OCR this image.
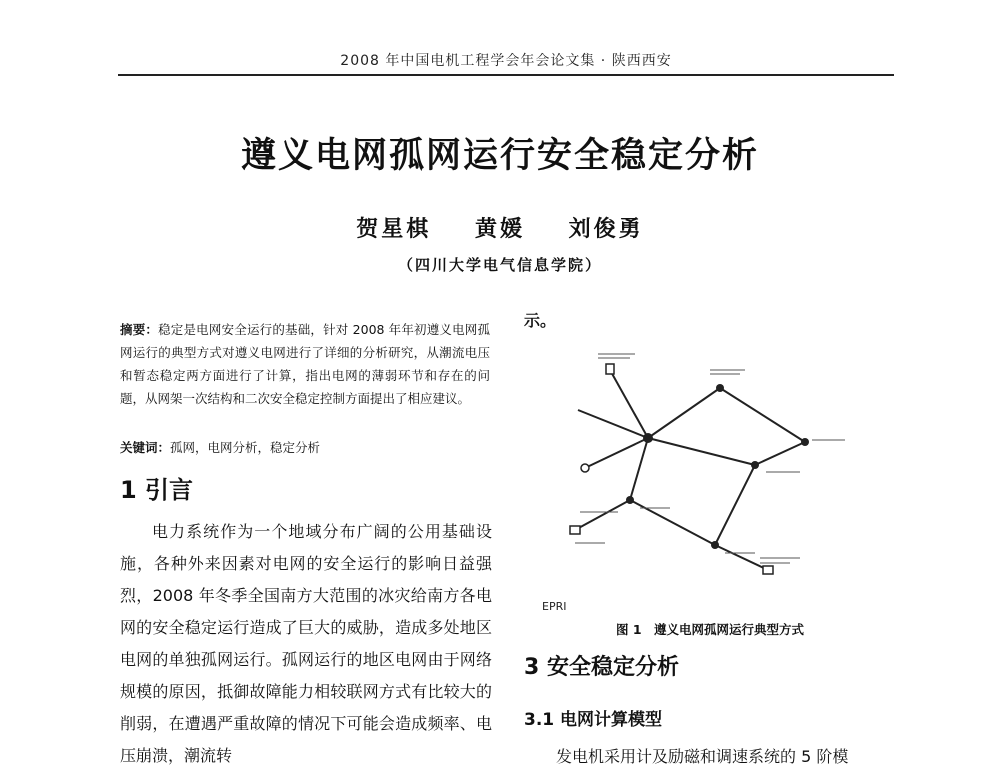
2008 年中国电机工程学会年会论文集 · 陕西西安
遵义电网孤网运行安全稳定分析
贺星棋 黄媛 刘俊勇
（四川大学电气信息学院）
摘要：稳定是电网安全运行的基础，针对 2008 年年初遵义电网孤网运行的典型方式对遵义电网进行了详细的分析研究，从潮流电压和暂态稳定两方面进行了计算，指出电网的薄弱环节和存在的问题，从网架一次结构和二次安全稳定控制方面提出了相应建议。
关键词：孤网，电网分析，稳定分析
1 引言

电力系统作为一个地域分布广阔的公用基础设施，各种外来因素对电网的安全运行的影响日益强烈，2008 年冬季全国南方大范围的冰灾给南方各电网的安全稳定运行造成了巨大的威胁，造成多处地区电网的单独孤网运行。孤网运行的地区电网由于网络规模的原因，抵御故障能力相较联网方式有比较大的削弱，在遭遇严重故障的情况下可能会造成频率、电压崩溃，潮流转

示。
EPRI
图 1　遵义电网孤网运行典型方式
3 安全稳定分析
3.1 电网计算模型
发电机采用计及励磁和调速系统的 5 阶模
